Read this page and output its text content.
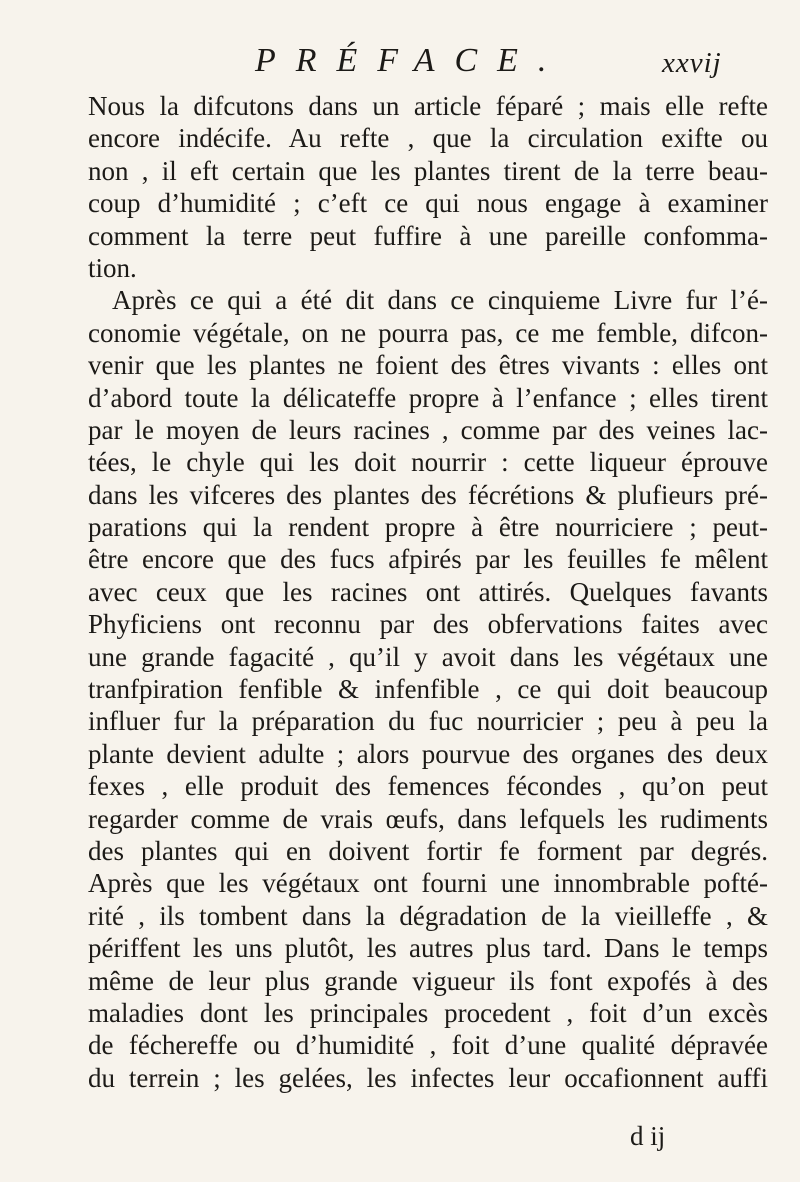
PRÉFACE.	xxvij
Nous la difcutons dans un article féparé ; mais elle refte
encore indécife. Au refte , que la circulation exifte ou
non , il eft certain que les plantes tirent de la terre beau-
coup d’humidité ; c’eft ce qui nous engage à examiner
comment la terre peut fuffire à une pareille confomma-
tion.
Après ce qui a été dit dans ce cinquieme Livre fur l’é-
conomie végétale, on ne pourra pas, ce me femble, difcon-
venir que les plantes ne foient des êtres vivants : elles ont
d’abord toute la délicateffe propre à l’enfance ; elles tirent
par le moyen de leurs racines , comme par des veines lac-
tées, le chyle qui les doit nourrir : cette liqueur éprouve
dans les vifceres des plantes des fécrétions & plufieurs pré-
parations qui la rendent propre à être nourriciere ; peut-
être encore que des fucs afpirés par les feuilles fe mêlent
avec ceux que les racines ont attirés. Quelques favants
Phyficiens ont reconnu par des obfervations faites avec
une grande fagacité , qu’il y avoit dans les végétaux une
tranfpiration fenfible & infenfible , ce qui doit beaucoup
influer fur la préparation du fuc nourricier ; peu à peu la
plante devient adulte ; alors pourvue des organes des deux
fexes , elle produit des femences fécondes , qu’on peut
regarder comme de vrais œufs, dans lefquels les rudiments
des plantes qui en doivent fortir fe forment par degrés.
Après que les végétaux ont fourni une innombrable pofté-
rité , ils tombent dans la dégradation de la vieilleffe , &
périffent les uns plutôt, les autres plus tard. Dans le temps
même de leur plus grande vigueur ils font expofés à des
maladies dont les principales procedent , foit d’un excès
de féchereffe ou d’humidité , foit d’une qualité dépravée
du terrein ; les gelées, les infectes leur occafionnent auffi
d ij
